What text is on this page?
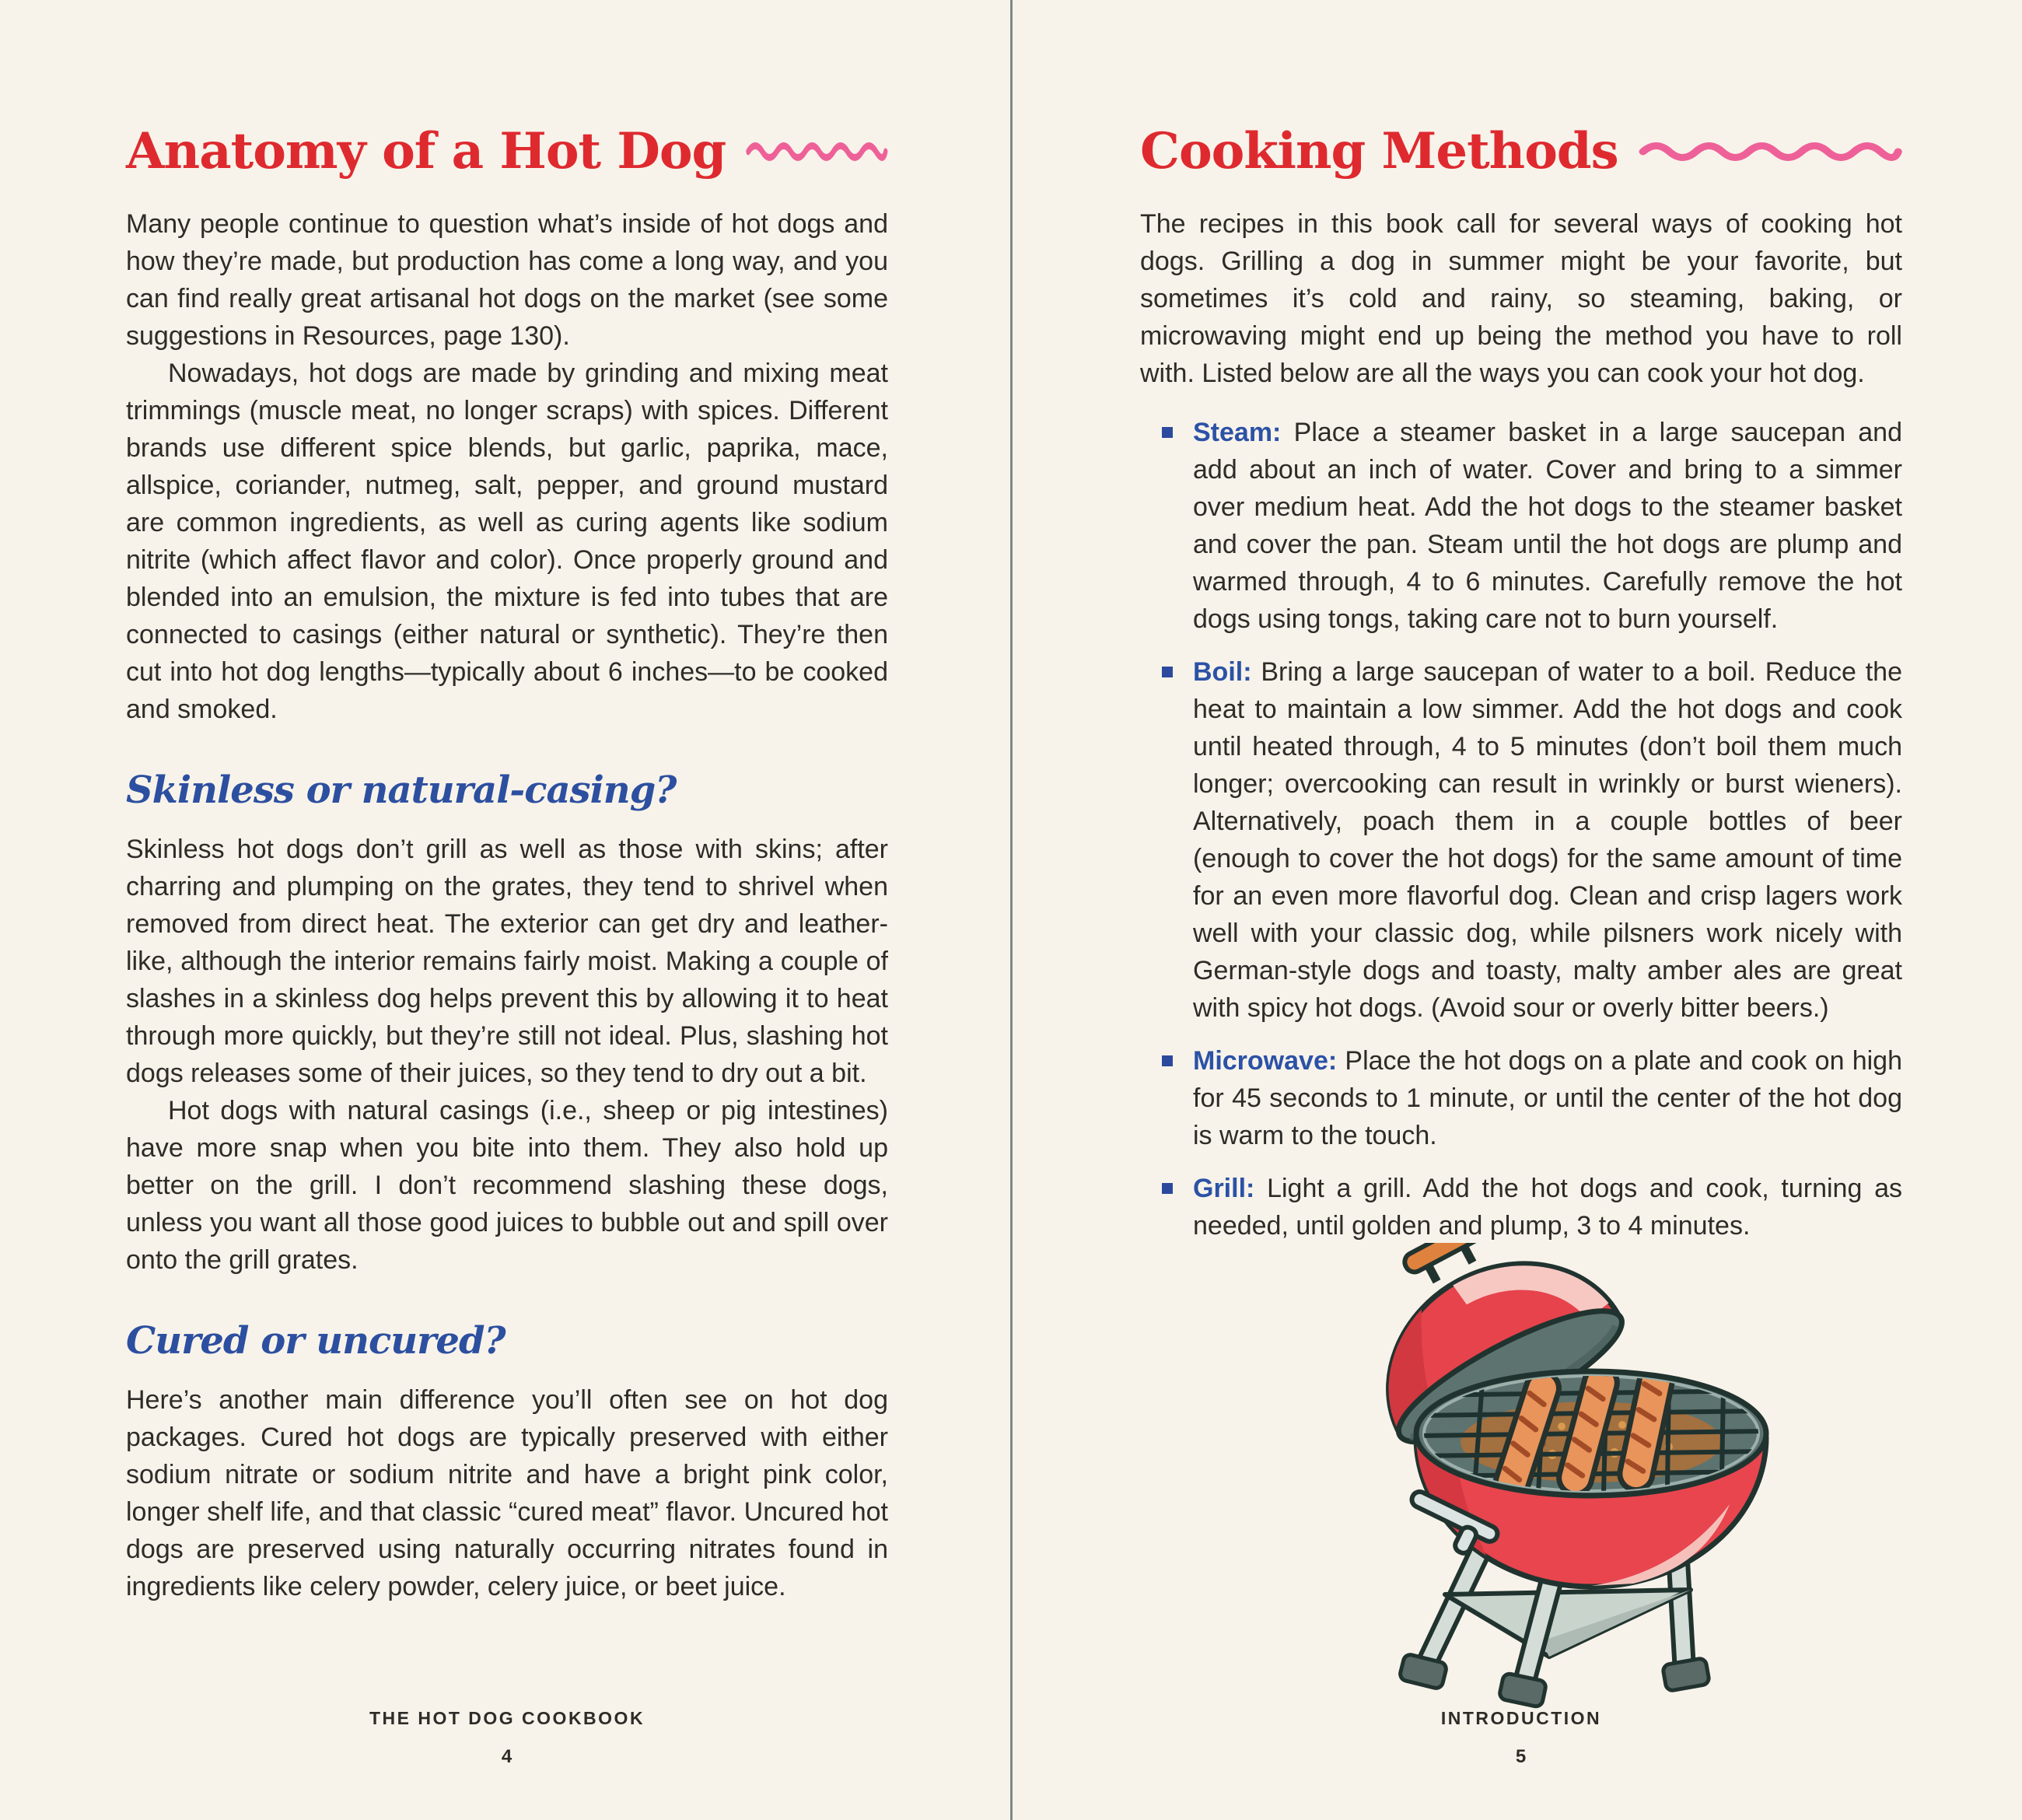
Anatomy of a Hot Dog

Many people continue to question what’s inside of hot dogs and how they’re made, but production has come a long way, and you can find really great artisanal hot dogs on the market (see some suggestions in Resources, page 130).

Nowadays, hot dogs are made by grinding and mixing meat trimmings (muscle meat, no longer scraps) with spices. Different brands use different spice blends, but garlic, paprika, mace, allspice, coriander, nutmeg, salt, pepper, and ground mustard are common ingredients, as well as curing agents like sodium nitrite (which affect flavor and color). Once properly ground and blended into an emulsion, the mixture is fed into tubes that are connected to casings (either natural or synthetic). They’re then cut into hot dog lengths—typically about 6 inches—to be cooked and smoked.

Skinless or natural-casing?

Skinless hot dogs don’t grill as well as those with skins; after charring and plumping on the grates, they tend to shrivel when removed from direct heat. The exterior can get dry and leather-like, although the interior remains fairly moist. Making a couple of slashes in a skinless dog helps prevent this by allowing it to heat through more quickly, but they’re still not ideal. Plus, slashing hot dogs releases some of their juices, so they tend to dry out a bit.

Hot dogs with natural casings (i.e., sheep or pig intestines) have more snap when you bite into them. They also hold up better on the grill. I don’t recommend slashing these dogs, unless you want all those good juices to bubble out and spill over onto the grill grates.

Cured or uncured?

Here’s another main difference you’ll often see on hot dog packages. Cured hot dogs are typically preserved with either sodium nitrate or sodium nitrite and have a bright pink color, longer shelf life, and that classic “cured meat” flavor. Uncured hot dogs are preserved using naturally occurring nitrates found in ingredients like celery powder, celery juice, or beet juice.

THE HOT DOG COOKBOOK
4
Cooking Methods

The recipes in this book call for several ways of cooking hot dogs. Grilling a dog in summer might be your favorite, but sometimes it’s cold and rainy, so steaming, baking, or microwaving might end up being the method you have to roll with. Listed below are all the ways you can cook your hot dog.

Steam: Place a steamer basket in a large saucepan and add about an inch of water. Cover and bring to a simmer over medium heat. Add the hot dogs to the steamer basket and cover the pan. Steam until the hot dogs are plump and warmed through, 4 to 6 minutes. Carefully remove the hot dogs using tongs, taking care not to burn yourself.
Boil: Bring a large saucepan of water to a boil. Reduce the heat to maintain a low simmer. Add the hot dogs and cook until heated through, 4 to 5 minutes (don’t boil them much longer; overcooking can result in wrinkly or burst wieners). Alternatively, poach them in a couple bottles of beer (enough to cover the hot dogs) for the same amount of time for an even more flavorful dog. Clean and crisp lagers work well with your classic dog, while pilsners work nicely with German-style dogs and toasty, malty amber ales are great with spicy hot dogs. (Avoid sour or overly bitter beers.)
Microwave: Place the hot dogs on a plate and cook on high for 45 seconds to 1 minute, or until the center of the hot dog is warm to the touch.
Grill: Light a grill. Add the hot dogs and cook, turning as needed, until golden and plump, 3 to 4 minutes.
INTRODUCTION
5
